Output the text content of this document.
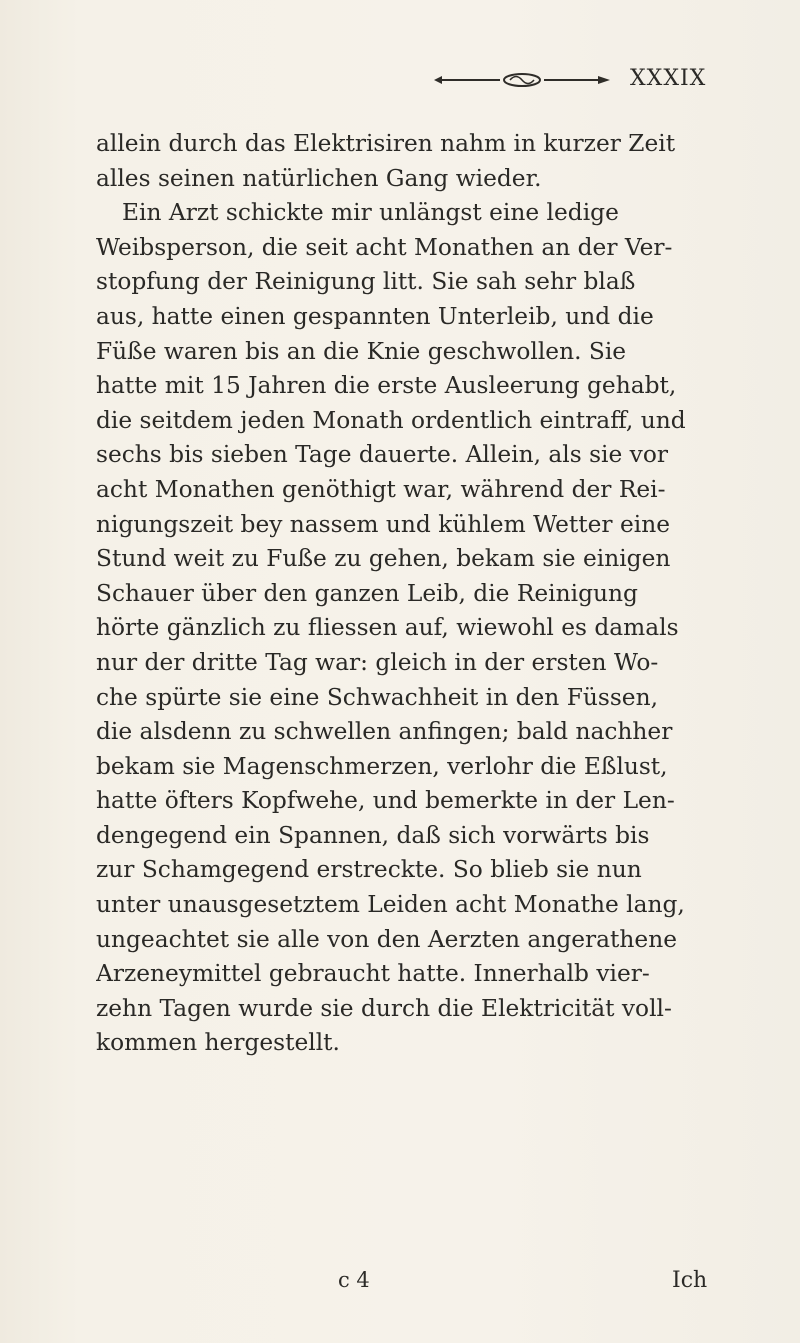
XXXIX
allein durch das Elektrisiren nahm in kurzer Zeit
alles seinen natürlichen Gang wieder.
Ein Arzt schickte mir unlängst eine ledige
Weibsperson, die seit acht Monathen an der Ver-
stopfung der Reinigung litt. Sie sah sehr blaß
aus, hatte einen gespannten Unterleib, und die
Füße waren bis an die Knie geschwollen. Sie
hatte mit 15 Jahren die erste Ausleerung gehabt,
die seitdem jeden Monath ordentlich eintraff, und
sechs bis sieben Tage dauerte. Allein, als sie vor
acht Monathen genöthigt war, während der Rei-
nigungszeit bey nassem und kühlem Wetter eine
Stund weit zu Fuße zu gehen, bekam sie einigen
Schauer über den ganzen Leib, die Reinigung
hörte gänzlich zu fliessen auf, wiewohl es damals
nur der dritte Tag war: gleich in der ersten Wo-
che spürte sie eine Schwachheit in den Füssen,
die alsdenn zu schwellen anfingen; bald nachher
bekam sie Magenschmerzen, verlohr die Eßlust,
hatte öfters Kopfwehe, und bemerkte in der Len-
dengegend ein Spannen, daß sich vorwärts bis
zur Schamgegend erstreckte. So blieb sie nun
unter unausgesetztem Leiden acht Monathe lang,
ungeachtet sie alle von den Aerzten angerathene
Arzeneymittel gebraucht hatte. Innerhalb vier-
zehn Tagen wurde sie durch die Elektricität voll-
kommen hergestellt.
c 4	Ich
